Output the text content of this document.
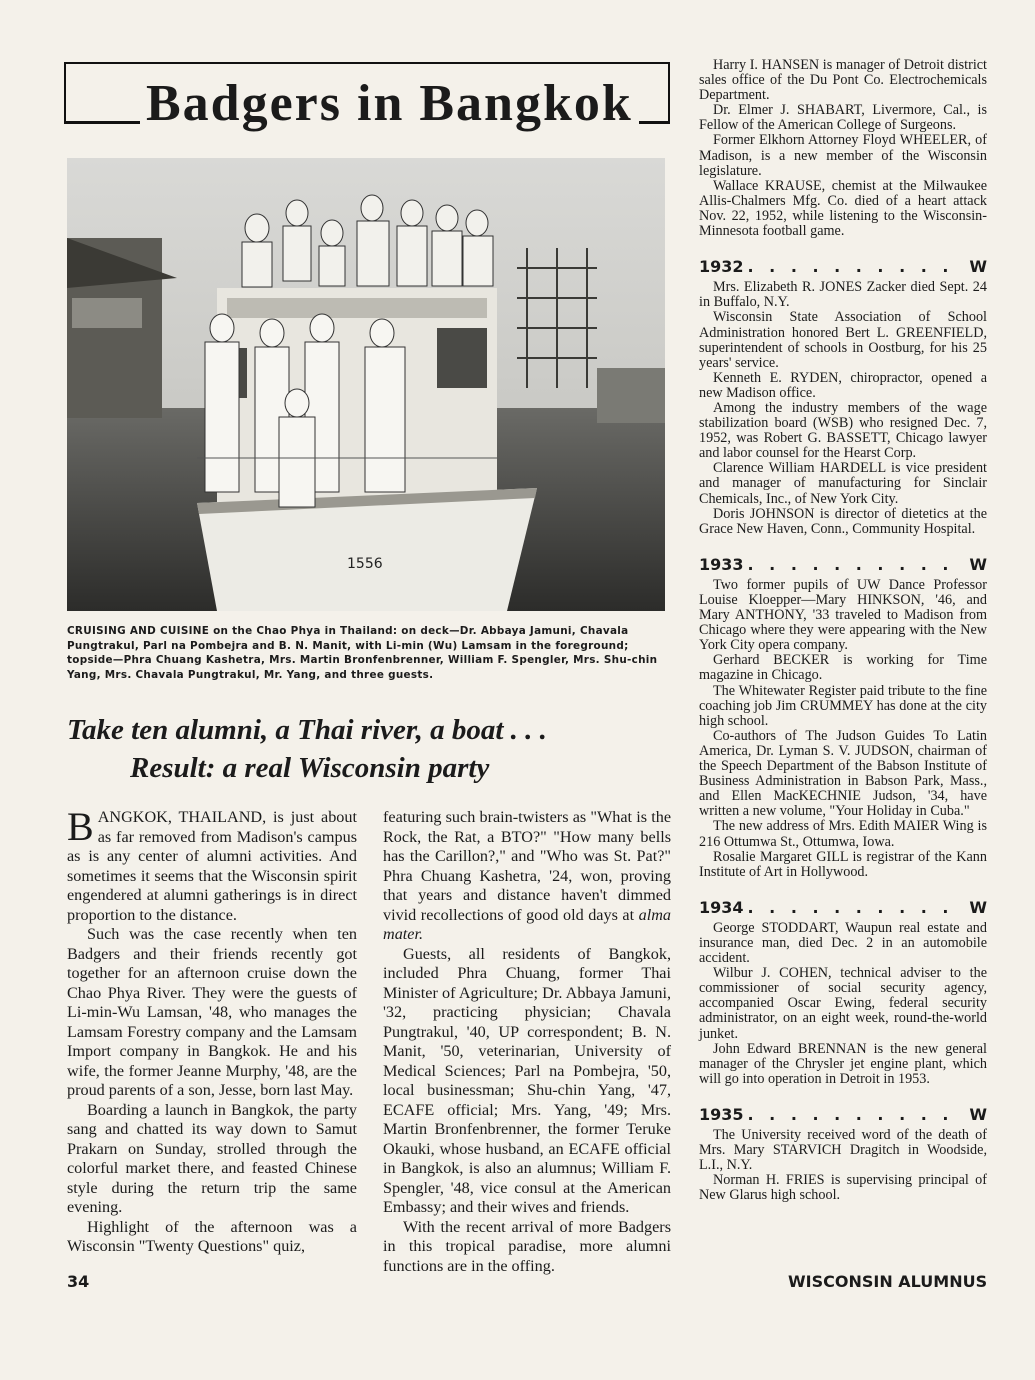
Badgers in Bangkok
1556
CRUISING AND CUISINE on the Chao Phya in Thailand: on deck—Dr. Abbaya Jamuni, Chavala Pungtrakul, Parl na Pombejra and B. N. Manit, with Li-min (Wu) Lamsam in the foreground; topside—Phra Chuang Kashetra, Mrs. Martin Bronfenbrenner, William F. Spengler, Mrs. Shu-chin Yang, Mrs. Chavala Pungtrakul, Mr. Yang, and three guests.
Take ten alumni, a Thai river, a boat . . .
Result: a real Wisconsin party

BANGKOK, THAILAND, is just about as far removed from Madison's campus as is any center of alumni activities. And sometimes it seems that the Wisconsin spirit engendered at alumni gatherings is in direct proportion to the distance.

Such was the case recently when ten Badgers and their friends recently got together for an afternoon cruise down the Chao Phya River. They were the guests of Li-min-Wu Lamsan, '48, who manages the Lamsam Forestry company and the Lamsam Import company in Bangkok. He and his wife, the former Jeanne Murphy, '48, are the proud parents of a son, Jesse, born last May.

Boarding a launch in Bangkok, the party sang and chatted its way down to Samut Prakarn on Sunday, strolled through the colorful market there, and feasted Chinese style during the return trip the same evening.

Highlight of the afternoon was a Wisconsin "Twenty Questions" quiz,

featuring such brain-twisters as "What is the Rock, the Rat, a BTO?" "How many bells has the Carillon?," and "Who was St. Pat?" Phra Chuang Kashetra, '24, won, proving that years and distance haven't dimmed vivid recollections of good old days at alma mater.

Guests, all residents of Bangkok, included Phra Chuang, former Thai Minister of Agriculture; Dr. Abbaya Jamuni, '32, practicing physician; Chavala Pungtrakul, '40, UP correspondent; B. N. Manit, '50, veterinarian, University of Medical Sciences; Parl na Pombejra, '50, local businessman; Shu-chin Yang, '47, ECAFE official; Mrs. Yang, '49; Mrs. Martin Bronfenbrenner, the former Teruke Okauki, whose husband, an ECAFE official in Bangkok, is also an alumnus; William F. Spengler, '48, vice consul at the American Embassy; and their wives and friends.

With the recent arrival of more Badgers in this tropical paradise, more alumni functions are in the offing.

Harry I. HANSEN is manager of Detroit district sales office of the Du Pont Co. Electrochemicals Department.

Dr. Elmer J. SHABART, Livermore, Cal., is Fellow of the American College of Surgeons.

Former Elkhorn Attorney Floyd WHEELER, of Madison, is a new member of the Wisconsin legislature.

Wallace KRAUSE, chemist at the Milwaukee Allis-Chalmers Mfg. Co. died of a heart attack Nov. 22, 1952, while listening to the Wisconsin-Minnesota football game.

1932 . . . . . . . . . . W

Mrs. Elizabeth R. JONES Zacker died Sept. 24 in Buffalo, N.Y.

Wisconsin State Association of School Administration honored Bert L. GREENFIELD, superintendent of schools in Oostburg, for his 25 years' service.

Kenneth E. RYDEN, chiropractor, opened a new Madison office.

Among the industry members of the wage stabilization board (WSB) who resigned Dec. 7, 1952, was Robert G. BASSETT, Chicago lawyer and labor counsel for the Hearst Corp.

Clarence William HARDELL is vice president and manager of manufacturing for Sinclair Chemicals, Inc., of New York City.

Doris JOHNSON is director of dietetics at the Grace New Haven, Conn., Community Hospital.

1933 . . . . . . . . . . W

Two former pupils of UW Dance Professor Louise Kloepper—Mary HINKSON, '46, and Mary ANTHONY, '33 traveled to Madison from Chicago where they were appearing with the New York City opera company.

Gerhard BECKER is working for Time magazine in Chicago.

The Whitewater Register paid tribute to the fine coaching job Jim CRUMMEY has done at the city high school.

Co-authors of The Judson Guides To Latin America, Dr. Lyman S. V. JUDSON, chairman of the Speech Department of the Babson Institute of Business Administration in Babson Park, Mass., and Ellen MacKECHNIE Judson, '34, have written a new volume, "Your Holiday in Cuba."

The new address of Mrs. Edith MAIER Wing is 216 Ottumwa St., Ottumwa, Iowa.

Rosalie Margaret GILL is registrar of the Kann Institute of Art in Hollywood.

1934 . . . . . . . . . . W

George STODDART, Waupun real estate and insurance man, died Dec. 2 in an automobile accident.

Wilbur J. COHEN, technical adviser to the commissioner of social security agency, accompanied Oscar Ewing, federal security administrator, on an eight week, round-the-world junket.

John Edward BRENNAN is the new general manager of the Chrysler jet engine plant, which will go into operation in Detroit in 1953.

1935 . . . . . . . . . . W

The University received word of the death of Mrs. Mary STARVICH Dragitch in Woodside, L.I., N.Y.

Norman H. FRIES is supervising principal of New Glarus high school.

34	WISCONSIN ALUMNUS
